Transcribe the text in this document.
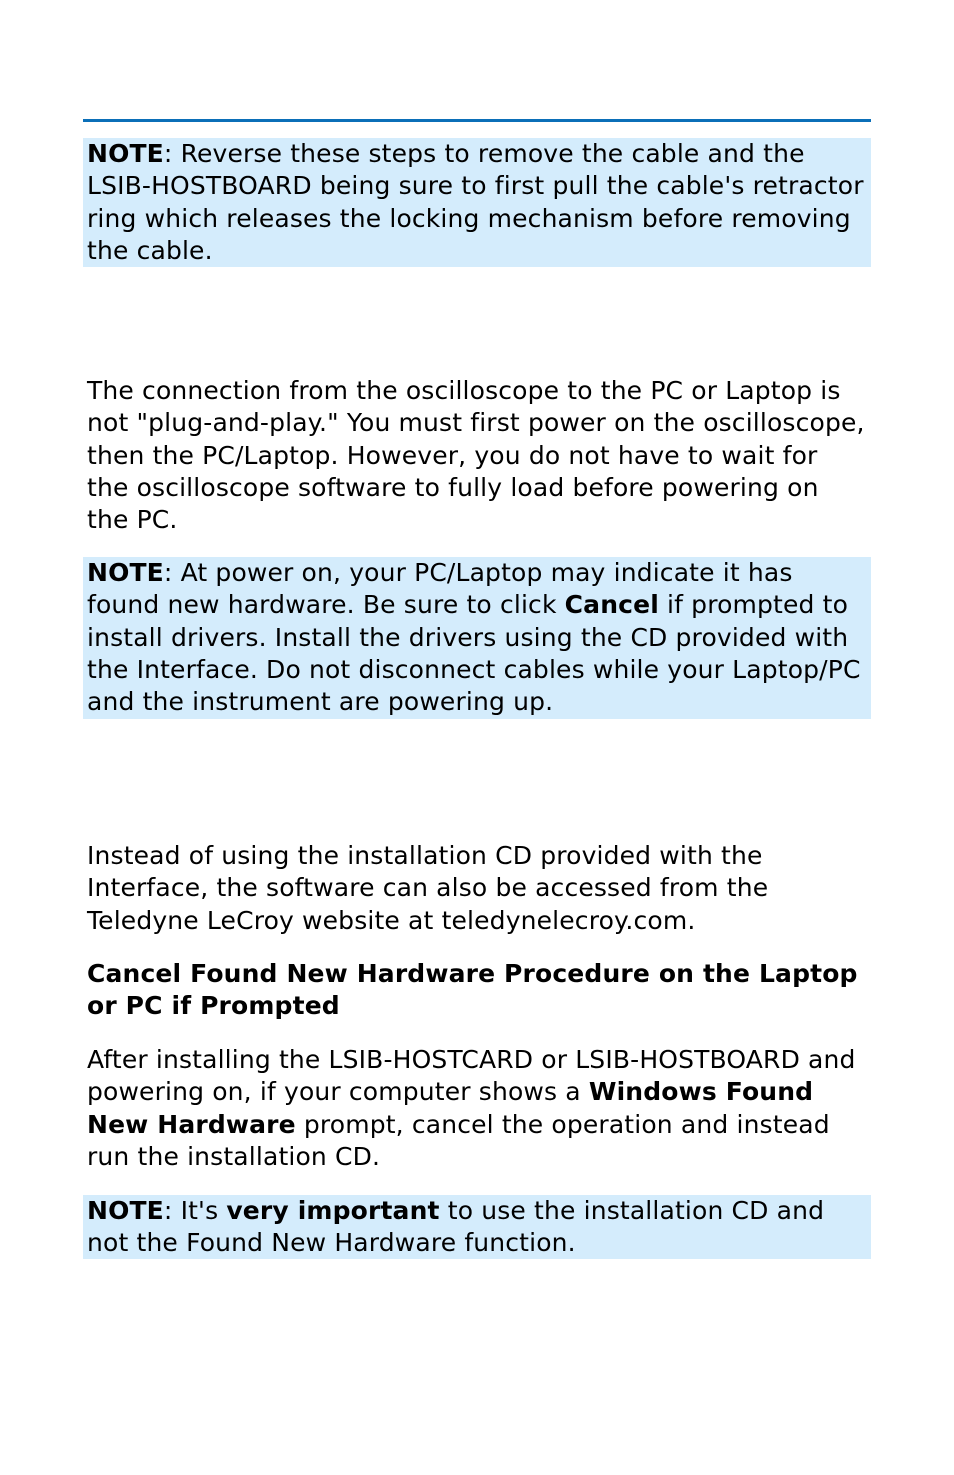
NOTE: Reverse these steps to remove the cable and the LSIB-HOSTBOARD being sure to first pull the cable's retractor ring which releases the locking mechanism before removing the cable.

The connection from the oscilloscope to the PC or Laptop is not "plug-and-play." You must first power on the oscilloscope, then the PC/Laptop. However, you do not have to wait for the oscilloscope software to fully load before powering on the PC.

NOTE: At power on, your PC/Laptop may indicate it has found new hardware. Be sure to click Cancel if prompted to install drivers. Install the drivers using the CD provided with the Interface. Do not disconnect cables while your Laptop/PC and the instrument are powering up.

Instead of using the installation CD provided with the Interface, the software can also be accessed from the Teledyne LeCroy website at teledynelecroy.com.

Cancel Found New Hardware Procedure on the Laptop or PC if Prompted

After installing the LSIB-HOSTCARD or LSIB-HOSTBOARD and powering on, if your computer shows a Windows Found New Hardware prompt, cancel the operation and instead run the installation CD.

NOTE: It's very important to use the installation CD and not the Found New Hardware function.
